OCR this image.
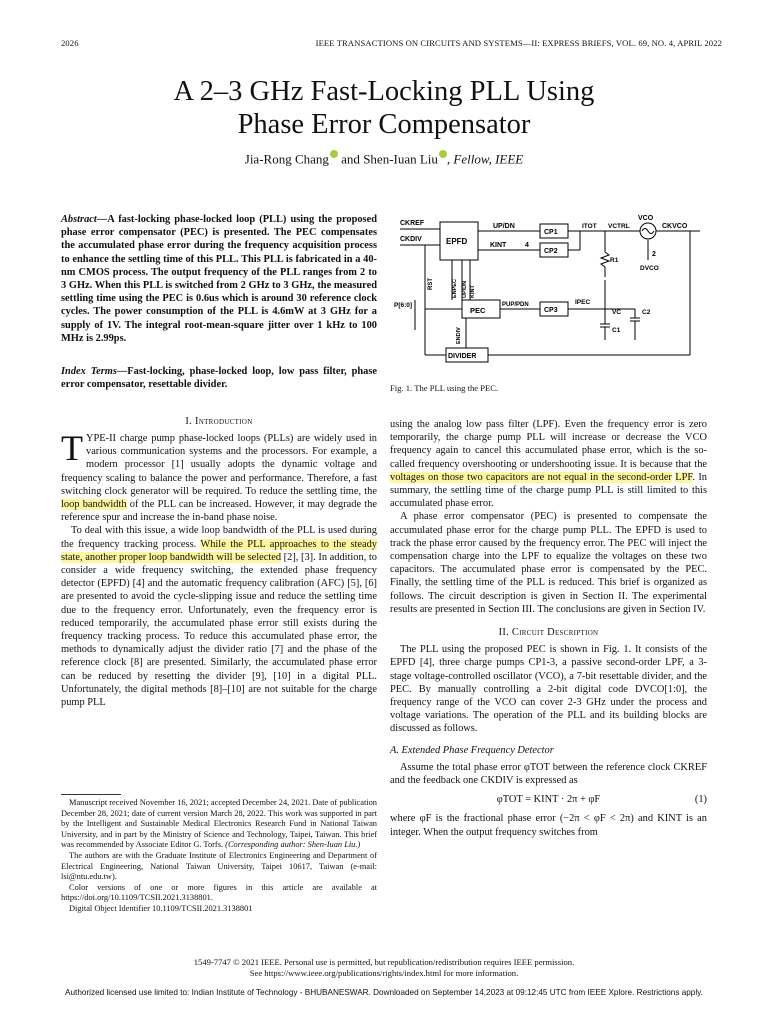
2026	IEEE TRANSACTIONS ON CIRCUITS AND SYSTEMS—II: EXPRESS BRIEFS, VOL. 69, NO. 4, APRIL 2022
A 2–3 GHz Fast-Locking PLL Using
Phase Error Compensator
Jia-Rong Chang and Shen-Iuan Liu , Fellow, IEEE
Abstract—A fast-locking phase-locked loop (PLL) using the proposed phase error compensator (PEC) is presented. The PEC compensates the accumulated phase error during the frequency acquisition process to enhance the settling time of this PLL. This PLL is fabricated in a 40-nm CMOS process. The output frequency of the PLL ranges from 2 to 3 GHz. When this PLL is switched from 2 GHz to 3 GHz, the measured settling time using the PEC is 0.6us which is around 30 reference clock cycles. The power consumption of the PLL is 4.6mW at 3 GHz for a supply of 1V. The integral root-mean-square jitter over 1 kHz to 100 MHz is 2.99ps.
Index Terms—Fast-locking, phase-locked loop, low pass filter, phase error compensator, resettable divider.
I. Introduction

TYPE-II charge pump phase-locked loops (PLLs) are widely used in various communication systems and the processors. For example, a modern processor [1] usually adopts the dynamic voltage and frequency scaling to balance the power and performance. Therefore, a fast switching clock generator will be required. To reduce the settling time, the loop bandwidth of the PLL can be increased. However, it may degrade the reference spur and increase the in-band phase noise.

To deal with this issue, a wide loop bandwidth of the PLL is used during the frequency tracking process. While the PLL approaches to the steady state, another proper loop bandwidth will be selected [2], [3]. In addition, to consider a wide frequency switching, the extended phase frequency detector (EPFD) [4] and the automatic frequency calibration (AFC) [5], [6] are presented to avoid the cycle-slipping issue and reduce the settling time due to the frequency error. Unfortunately, even the frequency error is reduced temporarily, the accumulated phase error still exists during the frequency tracking process. To reduce this accumulated phase error, the methods to dynamically adjust the divider ratio [7] and the phase of the reference clock [8] are presented. Similarly, the accumulated phase error can be reduced by resetting the divider [9], [10] in a digital PLL. Unfortunately, the digital methods [8]–[10] are not suitable for the charge pump PLL

Manuscript received November 16, 2021; accepted December 24, 2021. Date of publication December 28, 2021; date of current version March 28, 2022. This work was supported in part by the Intelligent and Sustainable Medical Electronics Research Fund in National Taiwan University, and in part by the Ministry of Science and Technology, Taipei, Taiwan. This brief was recommended by Associate Editor G. Torfs. (Corresponding author: Shen-Iuan Liu.)

The authors are with the Graduate Institute of Electronics Engineering and Department of Electrical Engineering, National Taiwan University, Taipei 10617, Taiwan (e-mail: lsi@ntu.edu.tw).

Color versions of one or more figures in this article are available at https://doi.org/10.1109/TCSII.2021.3138801.

Digital Object Identifier 10.1109/TCSII.2021.3138801

CKREF
CKDIV	EPFD
UP/DN
KINT	4
CP1
CP2
CP3
ITOT VCTRL
VCO
CKVCO
R1
2
DVCO
RST	ENPEC UP/DN KINT
P[6:0]
PEC
PUP/PDN	IPEC
VC	C2
C1
ENDIV
DIVIDER
Fig. 1. The PLL using the PEC.

using the analog low pass filter (LPF). Even the frequency error is zero temporarily, the charge pump PLL will increase or decrease the VCO frequency again to cancel this accumulated phase error, which is the so-called frequency overshooting or undershooting issue. It is because that the voltages on those two capacitors are not equal in the second-order LPF. In summary, the settling time of the charge pump PLL is still limited to this accumulated phase error.

A phase error compensator (PEC) is presented to compensate the accumulated phase error for the charge pump PLL. The EPFD is used to track the phase error caused by the frequency error. The PEC will inject the compensation charge into the LPF to equalize the voltages on these two capacitors. The accumulated phase error is compensated by the PEC. Finally, the settling time of the PLL is reduced. This brief is organized as follows. The circuit description is given in Section II. The experimental results are presented in Section III. The conclusions are given in Section IV.

II. Circuit Description

The PLL using the proposed PEC is shown in Fig. 1. It consists of the EPFD [4], three charge pumps CP1-3, a passive second-order LPF, a 3-stage voltage-controlled oscillator (VCO), a 7-bit resettable divider, and the PEC. By manually controlling a 2-bit digital code DVCO[1:0], the frequency range of the VCO can cover 2-3 GHz under the process and voltage variations. The operation of the PLL and its building blocks are discussed as follows.

A. Extended Phase Frequency Detector

Assume the total phase error φTOT between the reference clock CKREF and the feedback one CKDIV is expressed as

φTOT = KINT · 2π + φF	(1)

where φF is the fractional phase error (−2π < φF < 2π) and KINT is an integer. When the output frequency switches from

1549-7747 © 2021 IEEE. Personal use is permitted, but republication/redistribution requires IEEE permission.
See https://www.ieee.org/publications/rights/index.html for more information.
Authorized licensed use limited to: Indian Institute of Technology - BHUBANESWAR. Downloaded on September 14,2023 at 09:12:45 UTC from IEEE Xplore. Restrictions apply.
